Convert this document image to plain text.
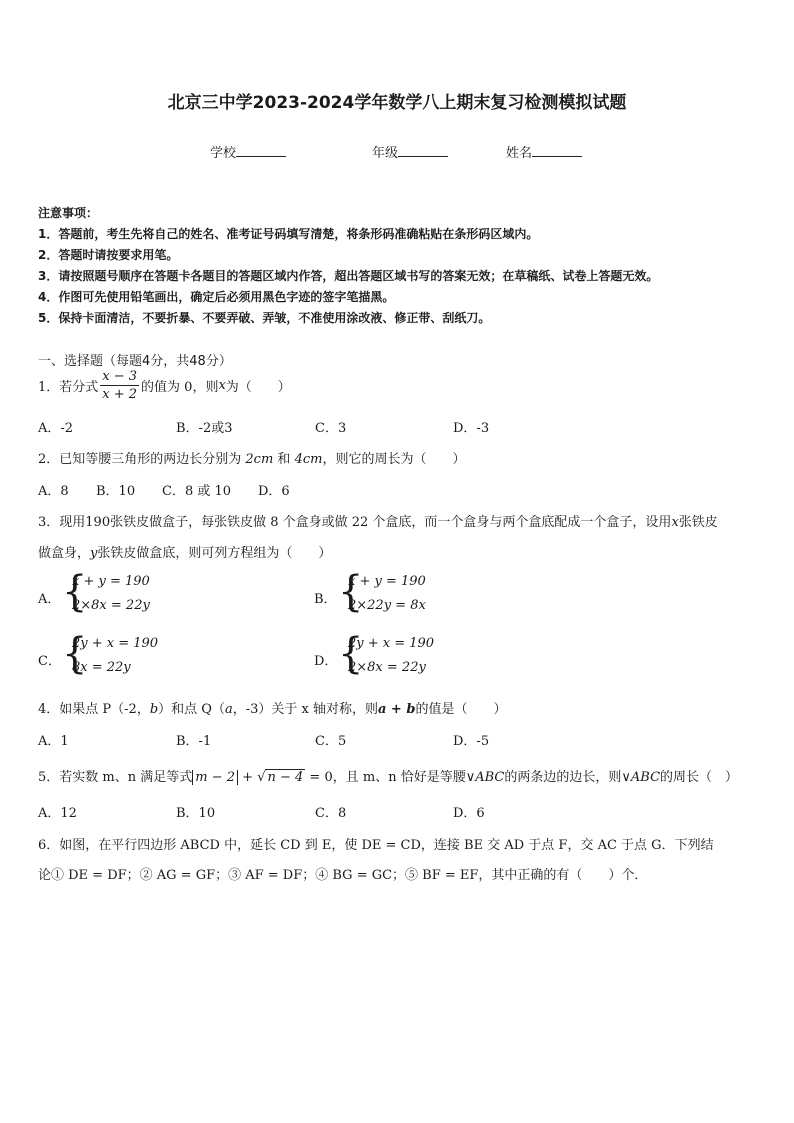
北京三中学2023-2024学年数学八上期末复习检测模拟试题
学校	年级	姓名
注意事项：
1．答题前，考生先将自己的姓名、准考证号码填写清楚，将条形码准确粘贴在条形码区域内。
2．答题时请按要求用笔。
3．请按照题号顺序在答题卡各题目的答题区域内作答，超出答题区域书写的答案无效；在草稿纸、试卷上答题无效。
4．作图可先使用铅笔画出，确定后必须用黑色字迹的签字笔描黑。
5．保持卡面清洁，不要折暴、不要弄破、弄皱，不准使用涂改液、修正带、刮纸刀。
一、选择题（每题4分，共48分）
1．若分式 $\frac{x - 3}{x + 2}$ 的值为 0，则 x 为（　　）
A．-2	B．-2或3	C．3	D．-3
2．已知等腰三角形的两边长分别为 2cm 和 4cm，则它的周长为（　　）
A．8 B．10 C．8 或 10 D．6
3．现用190张铁皮做盒子，每张铁皮做 8 个盒身或做 22 个盒底，而一个盒身与两个盒底配成一个盒子，设用x张铁皮
做盒身，y张铁皮做盒底，则可列方程组为（　　）
A． {
x + y = 190
2×8x = 22y	B． {
x + y = 190
2×22y = 8x
C． {
2y + x = 190
8x = 22y	D． {
2y + x = 190
2×8x = 22y
4．如果点 P（-2，b）和点 Q（a，-3）关于 x 轴对称，则a + b的值是（　　）
A．1	B．-1	C．5	D．-5
5．若实数 m、n 满足等式 m − 2 + √ n − 4 = 0，且 m、n 恰好是等腰∨ABC的两条边的边长，则∨ABC的周长（　）
A．12	B．10	C．8	D．6
6．如图，在平行四边形 ABCD 中，延长 CD 到 E，使 DE = CD，连接 BE 交 AD 于点 F，交 AC 于点 G．下列结
论① DE = DF；② AG = GF；③ AF = DF；④ BG = GC；⑤ BF = EF，其中正确的有（　　）个．
